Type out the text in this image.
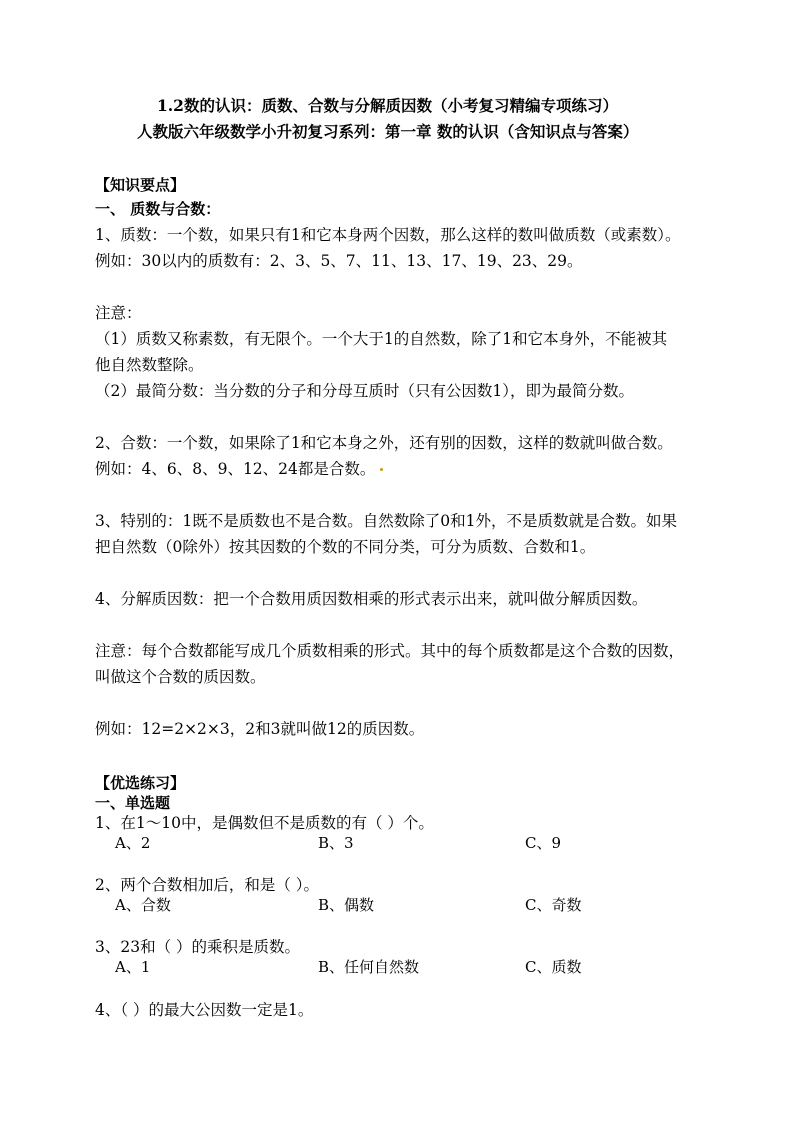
1.2数的认识：质数、合数与分解质因数（小考复习精编专项练习）
人教版六年级数学小升初复习系列：第一章 数的认识（含知识点与答案）
【知识要点】
一、 质数与合数：
1、质数：一个数，如果只有1和它本身两个因数，那么这样的数叫做质数（或素数）。
例如：30以内的质数有：2、3、5、7、11、13、17、19、23、29。
注意：
（1）质数又称素数，有无限个。一个大于1的自然数，除了1和它本身外，不能被其
他自然数整除。
（2）最简分数：当分数的分子和分母互质时（只有公因数1），即为最简分数。
2、合数：一个数，如果除了1和它本身之外，还有别的因数，这样的数就叫做合数。
例如：4、6、8、9、12、24都是合数。
3、特别的：1既不是质数也不是合数。自然数除了0和1外，不是质数就是合数。如果
把自然数（0除外）按其因数的个数的不同分类，可分为质数、合数和1。
4、分解质因数：把一个合数用质因数相乘的形式表示出来，就叫做分解质因数。
注意：每个合数都能写成几个质数相乘的形式。其中的每个质数都是这个合数的因数，
叫做这个合数的质因数。
例如：12=2×2×3，2和3就叫做12的质因数。
【优选练习】
一、单选题
1、在1～10中，是偶数但不是质数的有（ ）个。
A、2	B、3	C、9
2、两个合数相加后，和是（ ）。
A、合数	B、偶数	C、奇数
3、23和（ ）的乘积是质数。
A、1	B、任何自然数	C、质数
4、（ ）的最大公因数一定是1。
